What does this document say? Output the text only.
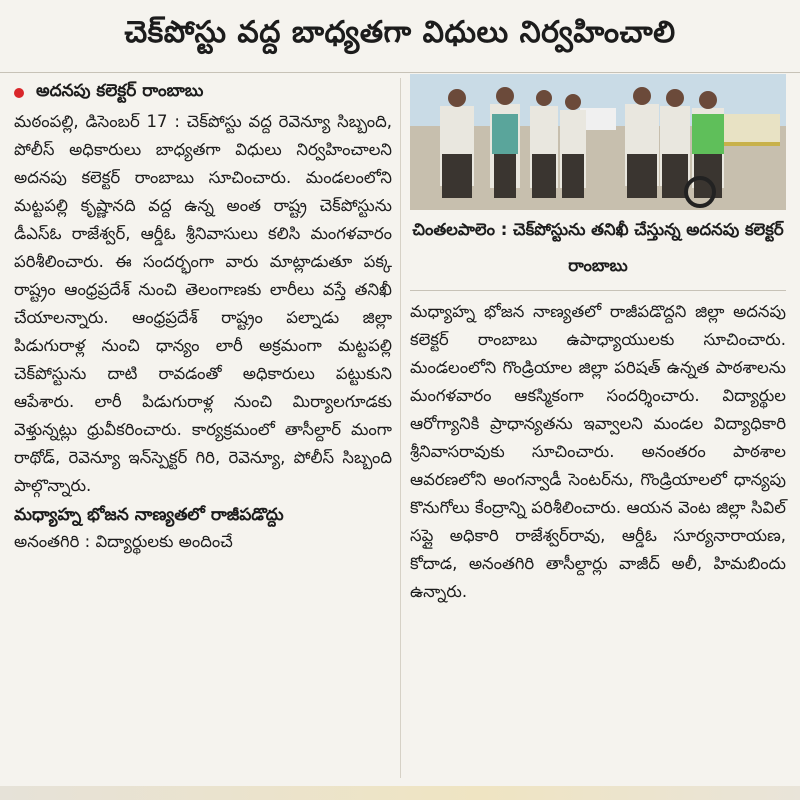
చెక్‌పోస్టు వద్ద బాధ్యతగా విధులు నిర్వహించాలి
అదనపు కలెక్టర్ రాంబాబు

మఠంపల్లి, డిసెంబర్ 17 : చెక్‌పోస్టు వద్ద రెవెన్యూ సిబ్బంది, పోలీస్ అధికారులు బాధ్యతగా విధులు నిర్వహించాలని అదనపు కలెక్టర్ రాంబాబు సూచించారు. మండలంలోని మట్టపల్లి కృష్ణానది వద్ద ఉన్న అంత రాష్ట్ర చెక్‌పోస్టును డీఎస్‌ఓ రాజేశ్వర్, ఆర్డీఓ శ్రీనివాసులు కలిసి మంగళవారం పరిశీలించారు. ఈ సందర్భంగా వారు మాట్లాడుతూ పక్క రాష్ట్రం ఆంధ్రప్రదేశ్ నుంచి తెలంగాణకు లారీలు వస్తే తనిఖీ చేయాలన్నారు. ఆంధ్రప్రదేశ్ రాష్ట్రం పల్నాడు జిల్లా పిడుగురాళ్ల నుంచి ధాన్యం లారీ అక్రమంగా మట్టపల్లి చెక్‌పోస్టును దాటి రావడంతో అధికారులు పట్టుకుని ఆపేశారు. లారీ పిడుగురాళ్ల నుంచి మిర్యాలగూడకు వెళ్తున్నట్లు ధ్రువీకరించారు. కార్యక్రమంలో తాసీల్దార్ మంగా రాథోడ్, రెవెన్యూ ఇన్‌స్పెక్టర్ గిరి, రెవెన్యూ, పోలీస్ సిబ్బంది పాల్గొన్నారు.

మధ్యాహ్న భోజన నాణ్యతలో రాజీపడొద్దు

అనంతగిరి : విద్యార్థులకు అందించే

చింతలపాలెం : చెక్‌పోస్టును తనిఖీ చేస్తున్న అదనపు కలెక్టర్ రాంబాబు

మధ్యాహ్న భోజన నాణ్యతలో రాజీపడొద్దని జిల్లా అదనపు కలెక్టర్ రాంబాబు ఉపాధ్యాయులకు సూచించారు. మండలంలోని గొండ్రియాల జిల్లా పరిషత్ ఉన్నత పాఠశాలను మంగళవారం ఆకస్మికంగా సందర్శించారు. విద్యార్థుల ఆరోగ్యానికి ప్రాధాన్యతను ఇవ్వాలని మండల విద్యాధికారి శ్రీనివాసరావుకు సూచించారు. అనంతరం పాఠశాల ఆవరణలోని అంగన్వాడీ సెంటర్‌ను, గొండ్రియాలలో ధాన్యపు కొనుగోలు కేంద్రాన్ని పరిశీలించారు. ఆయన వెంట జిల్లా సివిల్ సప్లై అధికారి రాజేశ్వర్‌రావు, ఆర్డీఓ సూర్యనారాయణ, కోదాడ, అనంతగిరి తాసీల్దార్లు వాజీద్ అలీ, హిమబిందు ఉన్నారు.
